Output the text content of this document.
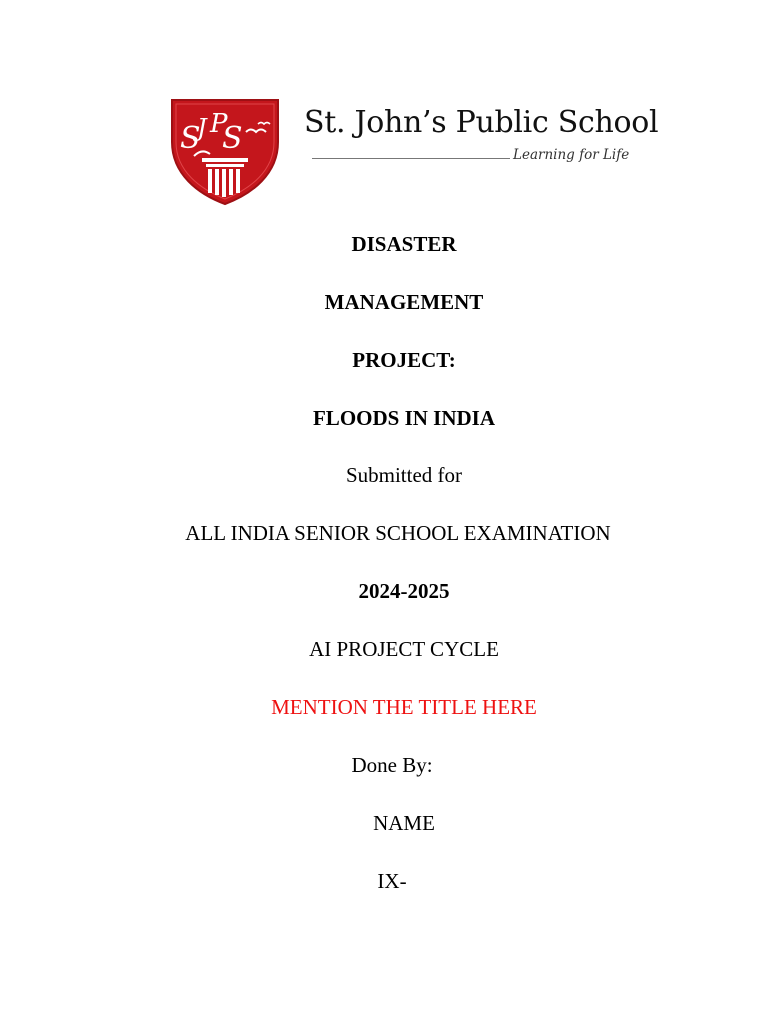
S
J P
S St. John’s Public School
Learning for Life
DISASTER
MANAGEMENT
PROJECT:
FLOODS IN INDIA
Submitted for
ALL INDIA SENIOR SCHOOL EXAMINATION
2024-2025
AI PROJECT CYCLE
MENTION THE TITLE HERE
Done By:
NAME
IX-
